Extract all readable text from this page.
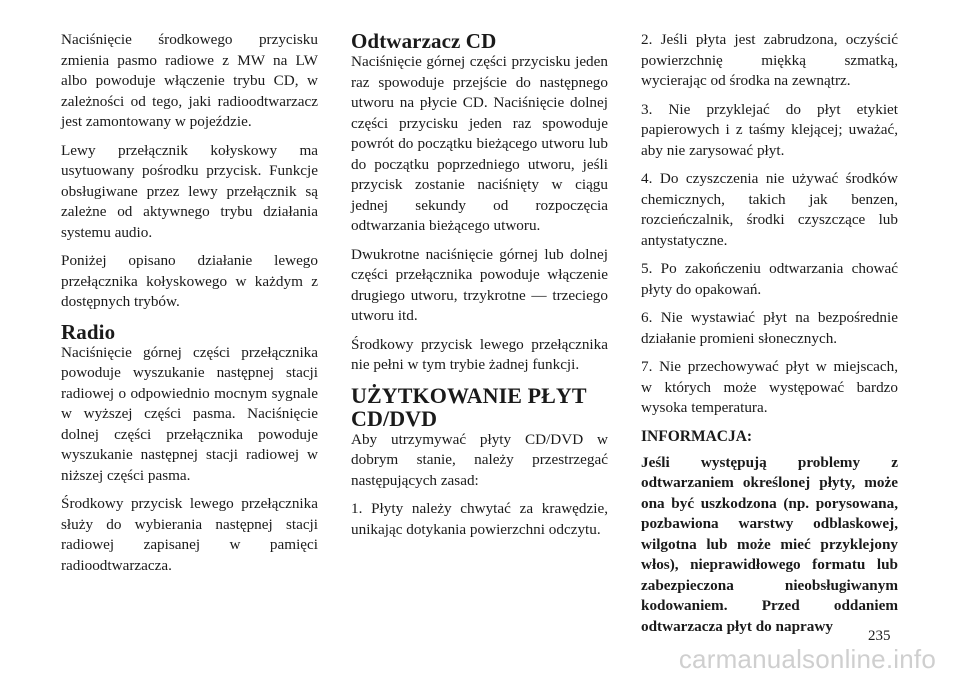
Naciśnięcie środkowego przycisku zmienia pasmo radiowe z MW na LW albo powoduje włączenie trybu CD, w zależności od tego, jaki radioodtwarzacz jest zamontowany w pojeździe.

Lewy przełącznik kołyskowy ma usytuowany pośrodku przycisk. Funkcje obsługiwane przez lewy przełącznik są zależne od aktywnego trybu działania systemu audio.

Poniżej opisano działanie lewego przełącznika kołyskowego w każdym z dostępnych trybów.

Radio

Naciśnięcie górnej części przełącznika powoduje wyszukanie następnej stacji radiowej o odpowiednio mocnym sygnale w wyższej części pasma. Naciśnięcie dolnej części przełącznika powoduje wyszukanie następnej stacji radiowej w niższej części pasma.

Środkowy przycisk lewego przełącznika służy do wybierania następnej stacji radiowej zapisanej w pamięci radioodtwarzacza.

Odtwarzacz CD

Naciśnięcie górnej części przycisku jeden raz spowoduje przejście do następnego utworu na płycie CD. Naciśnięcie dolnej części przycisku jeden raz spowoduje powrót do początku bieżącego utworu lub do początku poprzedniego utworu, jeśli przycisk zostanie naciśnięty w ciągu jednej sekundy od rozpoczęcia odtwarzania bieżącego utworu.

Dwukrotne naciśnięcie górnej lub dolnej części przełącznika powoduje włączenie drugiego utworu, trzykrotne — trzeciego utworu itd.

Środkowy przycisk lewego przełącznika nie pełni w tym trybie żadnej funkcji.

UŻYTKOWANIE PŁYT CD/DVD

Aby utrzymywać płyty CD/DVD w dobrym stanie, należy przestrzegać następujących zasad:

1. Płyty należy chwytać za krawędzie, unikając dotykania powierzchni odczytu.

2. Jeśli płyta jest zabrudzona, oczyścić powierzchnię miękką szmatką, wycierając od środka na zewnątrz.

3. Nie przyklejać do płyt etykiet papierowych i z taśmy klejącej; uważać, aby nie zarysować płyt.

4. Do czyszczenia nie używać środków chemicznych, takich jak benzen, rozcieńczalnik, środki czyszczące lub antystatyczne.

5. Po zakończeniu odtwarzania chować płyty do opakowań.

6. Nie wystawiać płyt na bezpośrednie działanie promieni słonecznych.

7. Nie przechowywać płyt w miejscach, w których może występować bardzo wysoka temperatura.

INFORMACJA:

Jeśli występują problemy z odtwarzaniem określonej płyty, może ona być uszkodzona (np. porysowana, pozbawiona warstwy odblaskowej, wilgotna lub może mieć przyklejony włos), nieprawidłowego formatu lub zabezpieczona nieobsługiwanym kodowaniem. Przed oddaniem odtwarzacza płyt do naprawy

235
carmanualsonline.info
